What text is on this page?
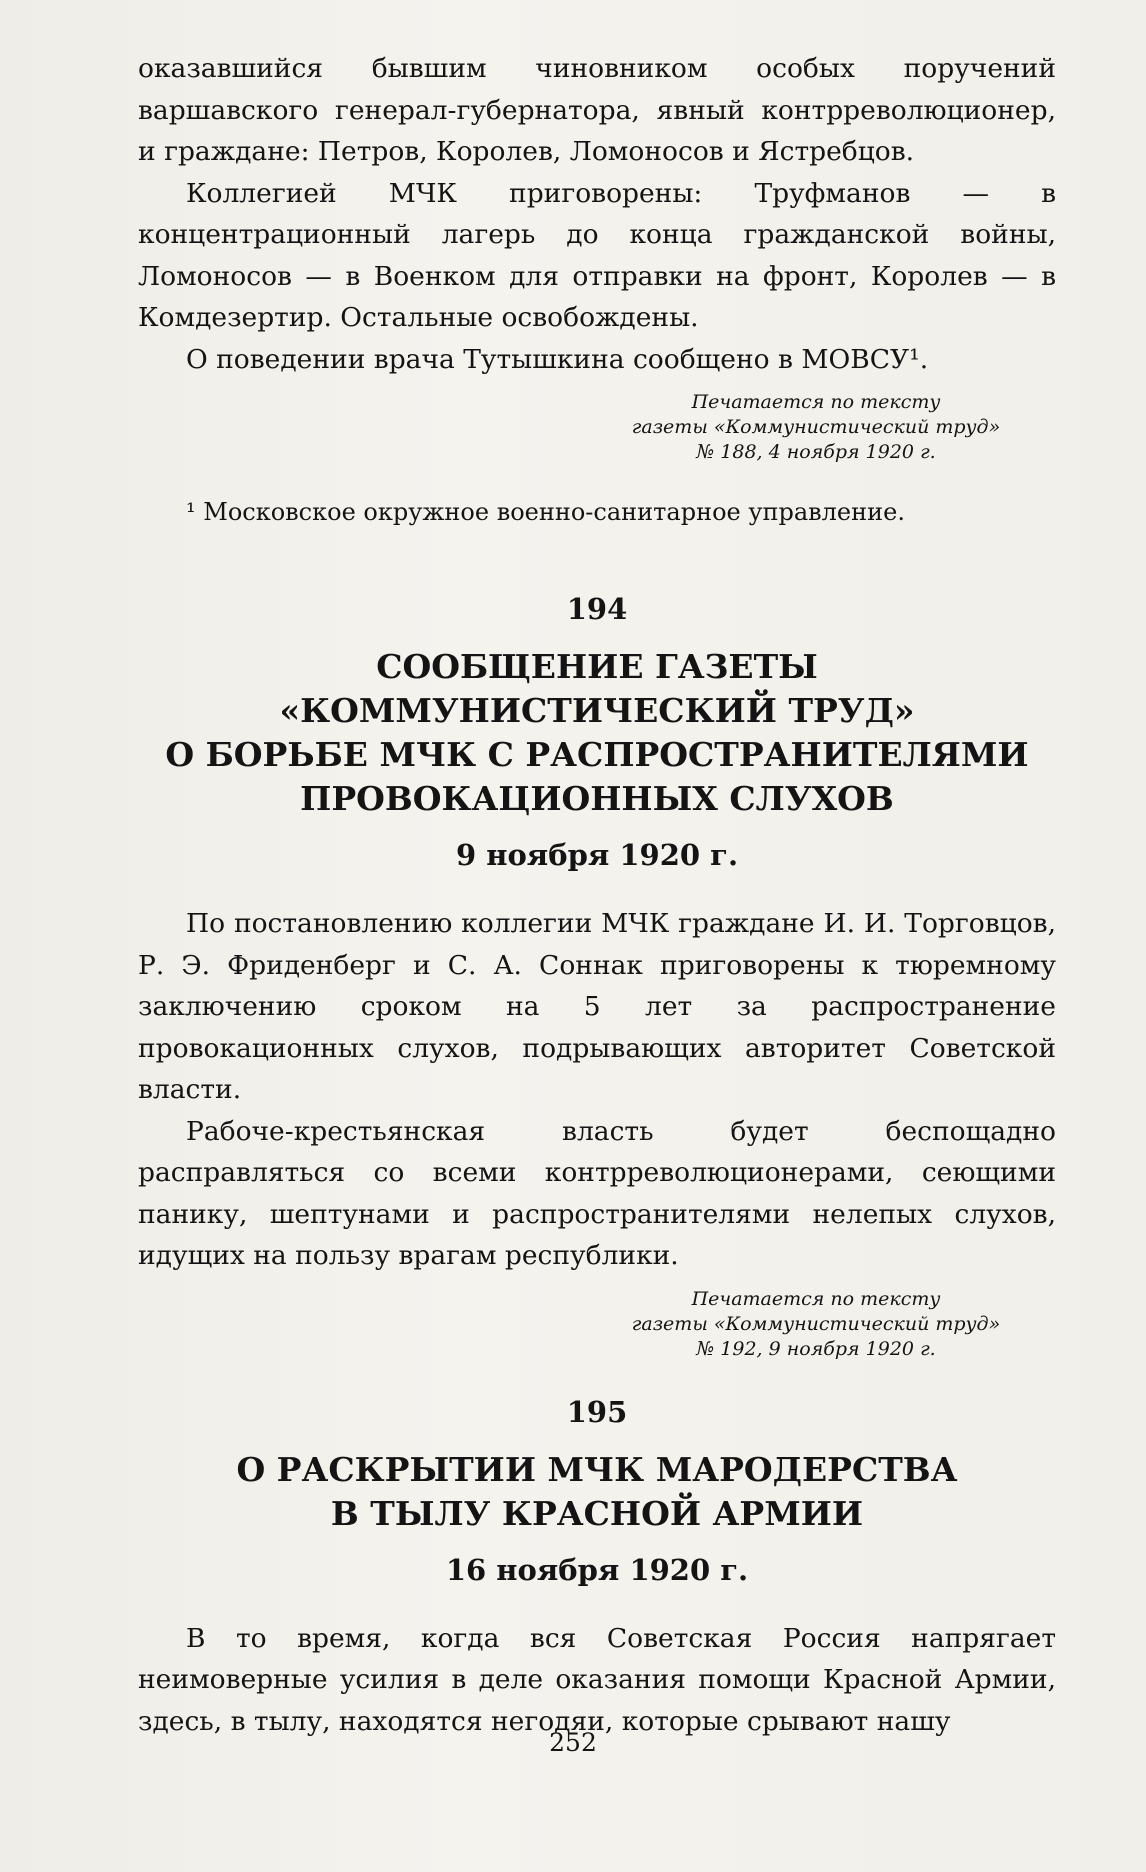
оказавшийся бывшим чиновником особых поручений варшавского генерал-губернатора, явный контрреволюционер, и граждане: Петров, Королев, Ломоносов и Ястребцов.

Коллегией МЧК приговорены: Труфманов — в концентрационный лагерь до конца гражданской войны, Ломоносов — в Военком для отправки на фронт, Королев — в Комдезертир. Остальные освобождены.

О поведении врача Тутышкина сообщено в МОВСУ¹.

Печатается по тексту
газеты «Коммунистический труд»
№ 188, 4 ноября 1920 г.

¹ Московское окружное военно-санитарное управление.

194
СООБЩЕНИЕ ГАЗЕТЫ
«КОММУНИСТИЧЕСКИЙ ТРУД»
О БОРЬБЕ МЧК С РАСПРОСТРАНИТЕЛЯМИ
ПРОВОКАЦИОННЫХ СЛУХОВ
9 ноября 1920 г.

По постановлению коллегии МЧК граждане И. И. Торговцов, Р. Э. Фриденберг и С. А. Соннак приговорены к тюремному заключению сроком на 5 лет за распространение провокационных слухов, подрывающих авторитет Советской власти.

Рабоче-крестьянская власть будет беспощадно расправляться со всеми контрреволюционерами, сеющими панику, шептунами и распространителями нелепых слухов, идущих на пользу врагам республики.

Печатается по тексту
газеты «Коммунистический труд»
№ 192, 9 ноября 1920 г.
195
О РАСКРЫТИИ МЧК МАРОДЕРСТВА
В ТЫЛУ КРАСНОЙ АРМИИ
16 ноября 1920 г.

В то время, когда вся Советская Россия напрягает неимоверные усилия в деле оказания помощи Красной Армии, здесь, в тылу, находятся негодяи, которые срывают нашу

252
